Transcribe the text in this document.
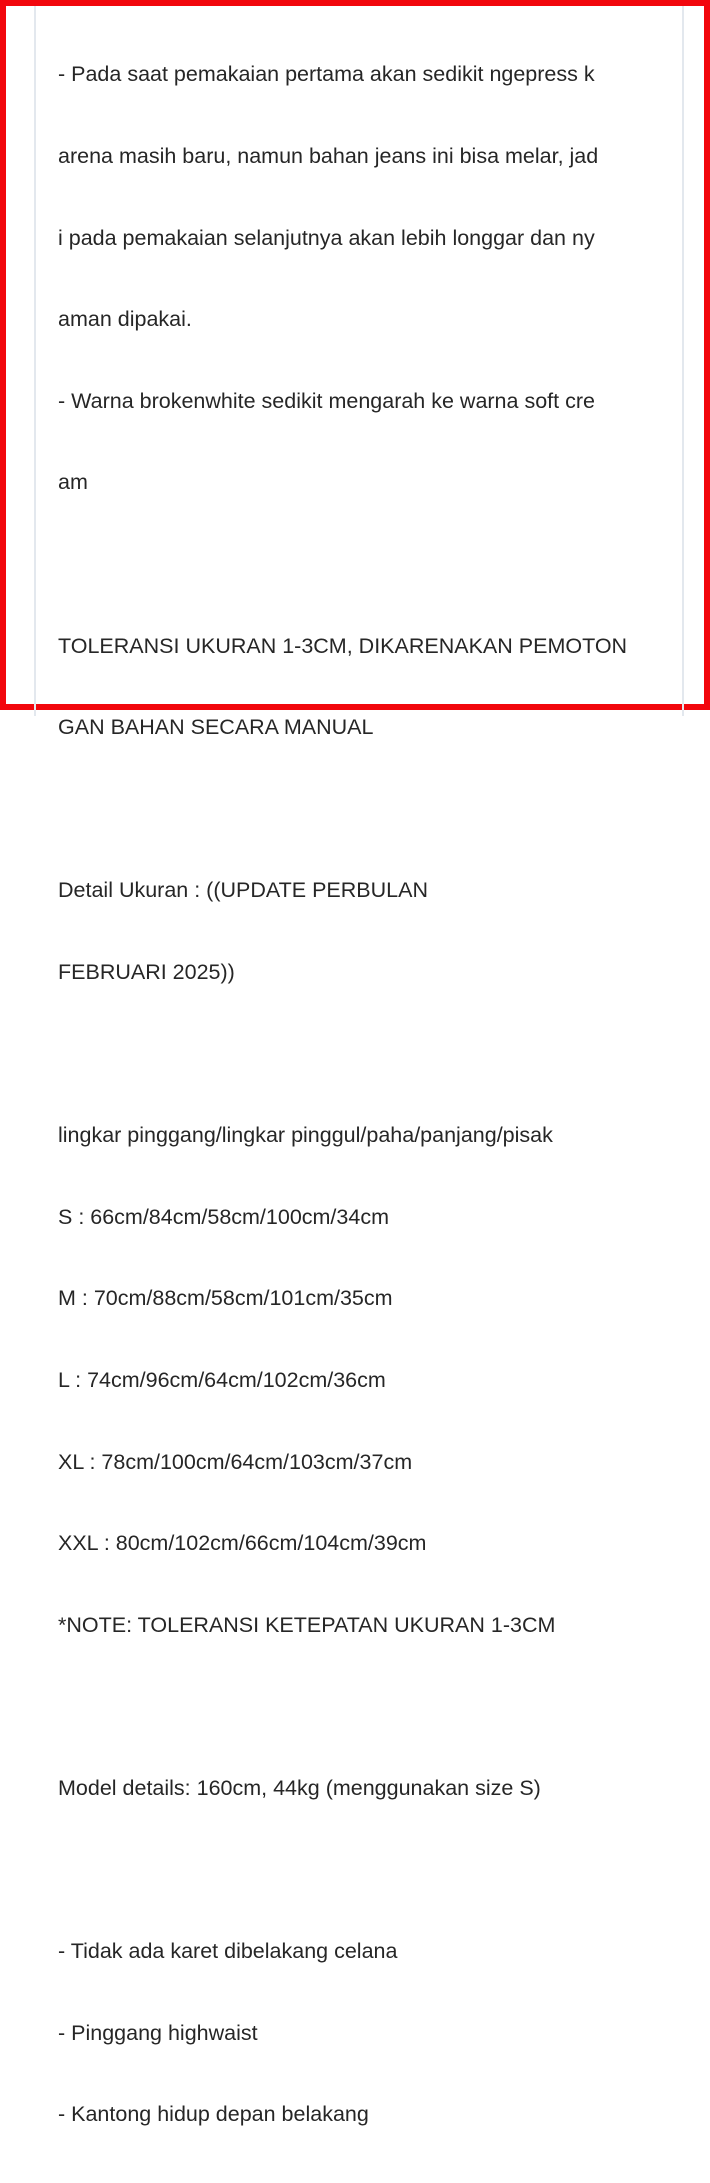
- Pada saat pemakaian pertama akan sedikit ngepress k

arena masih baru, namun bahan jeans ini bisa melar, jad

i pada pemakaian selanjutnya akan lebih longgar dan ny

aman dipakai.

- Warna brokenwhite sedikit mengarah ke warna soft cre

am

TOLERANSI UKURAN 1-3CM, DIKARENAKAN PEMOTON

GAN BAHAN SECARA MANUAL

Detail Ukuran : ((UPDATE PERBULAN

FEBRUARI 2025))

lingkar pinggang/lingkar pinggul/paha/panjang/pisak

S : 66cm/84cm/58cm/100cm/34cm

M : 70cm/88cm/58cm/101cm/35cm

L : 74cm/96cm/64cm/102cm/36cm

XL : 78cm/100cm/64cm/103cm/37cm

XXL : 80cm/102cm/66cm/104cm/39cm

*NOTE: TOLERANSI KETEPATAN UKURAN 1-3CM

Model details: 160cm, 44kg (menggunakan size S)

- Tidak ada karet dibelakang celana

- Pinggang highwaist

- Kantong hidup depan belakang
